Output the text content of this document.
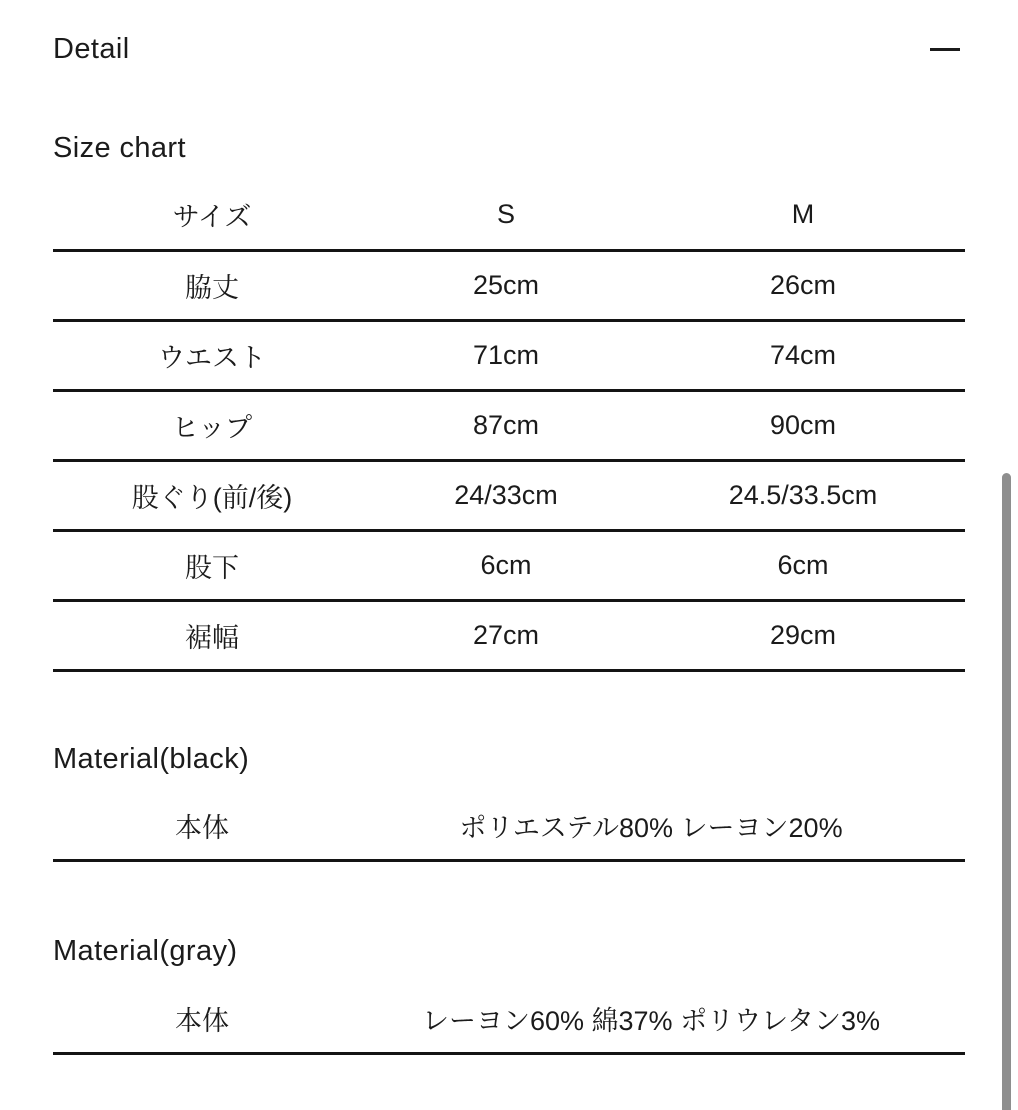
Detail
Size chart
サイズ	S	M
脇丈	25cm	26cm
ウエスト	71cm	74cm
ヒップ	87cm	90cm
股ぐり(前/後)	24/33cm	24.5/33.5cm
股下	6cm	6cm
裾幅	27cm	29cm
Material(black)
本体	ポリエステル80% レーヨン20%
Material(gray)
本体	レーヨン60% 綿37% ポリウレタン3%
